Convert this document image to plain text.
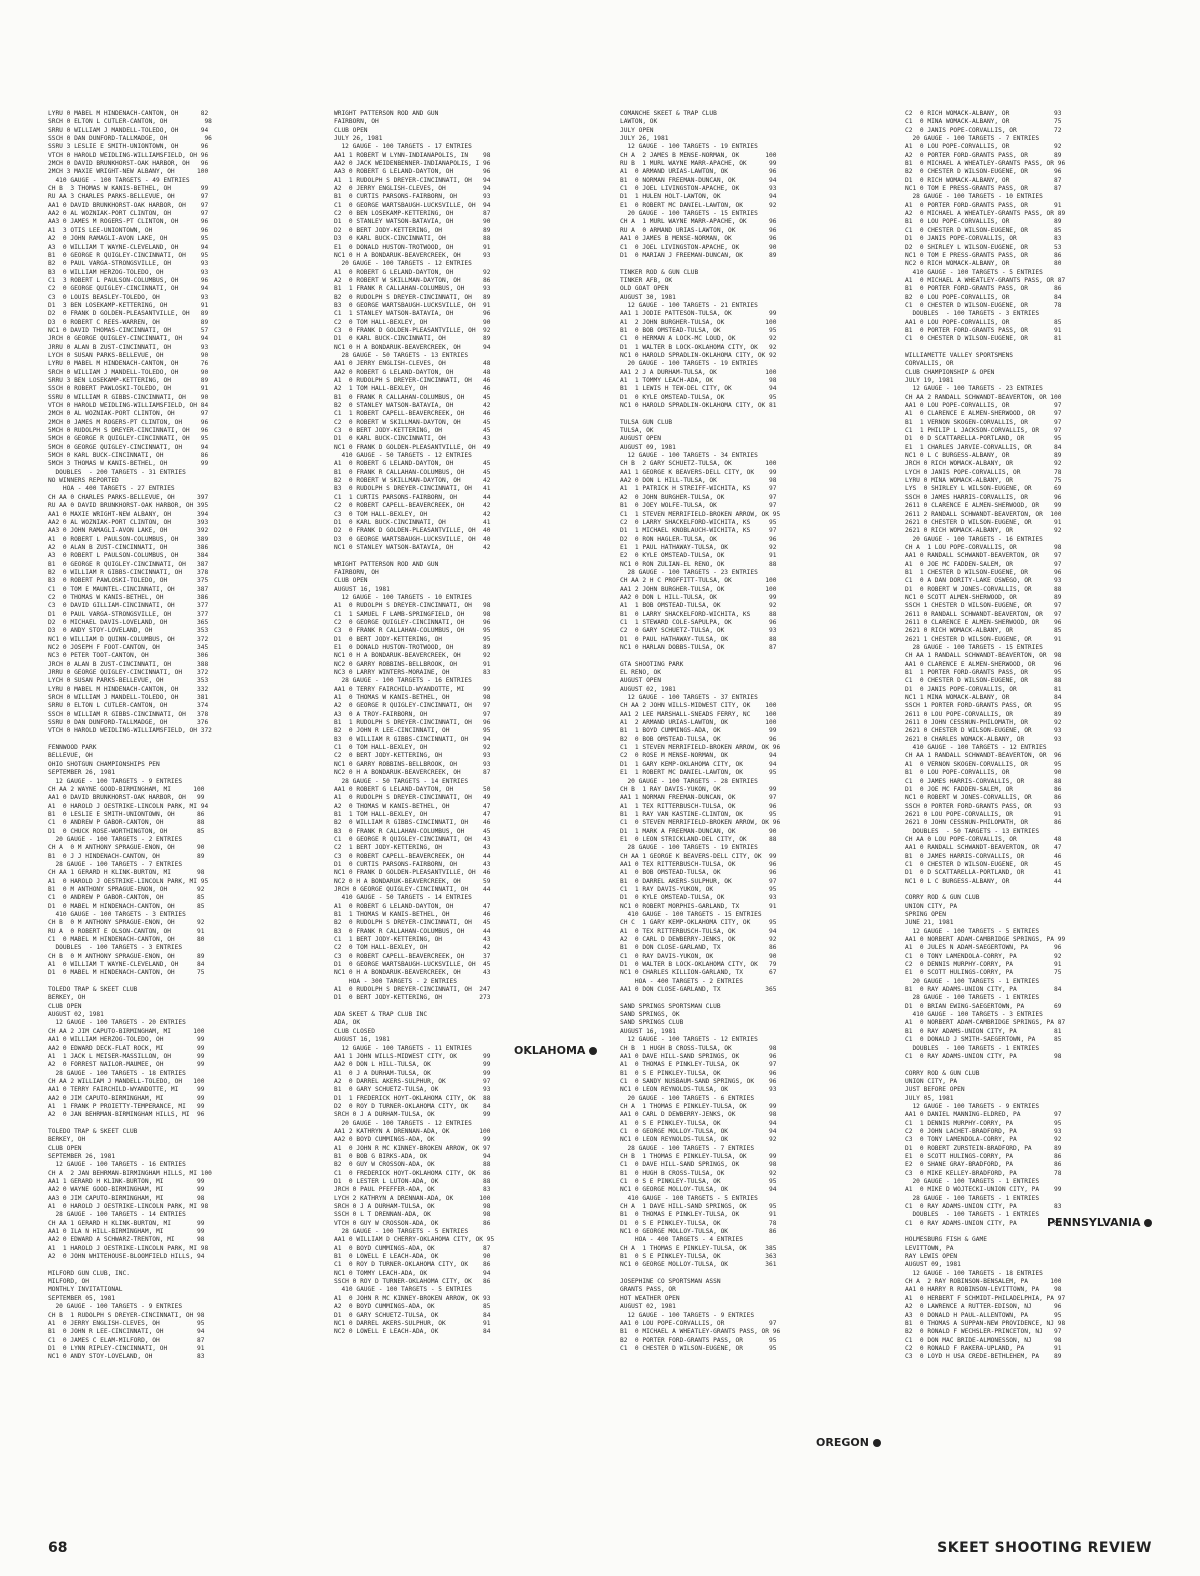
LYRU 0 MABEL M HINDENACH-CANTON, OH      82
SRCH 0 ELTON L CUTLER-CANTON, OH          98
SRRU 0 WILLIAM J MANDELL-TOLEDO, OH      94
SSCH 0 DAN DUNFORD-TALLMADGE, OH          96
SSRU 3 LESLIE E SMITH-UNIONTOWN, OH      96
VTCH 0 HAROLD WEIDLING-WILLIAMSFIELD, OH 96
2MCH 0 DAVID BRUNKHORST-OAK HARBOR, OH   96
2MCH 3 MAXIE WRIGHT-NEW ALBANY, OH      100
410 GAUGE - 100 TARGETS - 49 ENTRIES
CH B  3 THOMAS W KANIS-BETHEL, OH        99
RU AA 3 CHARLES PARKS-BELLEVUE, OH       97
AA1 0 DAVID BRUNKHORST-OAK HARBOR, OH    97
AA2 0 AL WOZNIAK-PORT CLINTON, OH        97
AA3 0 JAMES M ROGERS-PT CLINTON, OH      96
A1  3 OTIS LEE-UNIONTOWN, OH             96
A2  0 JOHN RAMAGLI-AVON LAKE, OH         95
A3  0 WILLIAM T WAYNE-CLEVELAND, OH      94
B1  0 GEORGE R QUIGLEY-CINCINNATI, OH    95
B2  0 PAUL VARGA-STRONGSVILLE, OH        93
B3  0 WILLIAM HERZOG-TOLEDO, OH          93
C1  3 ROBERT L PAULSON-COLUMBUS, OH      96
C2  0 GEORGE QUIGLEY-CINCINNATI, OH      94
C3  0 LOUIS BEASLEY-TOLEDO, OH           93
D1  3 BEN LOSEKAMP-KETTERING, OH         91
D2  0 FRANK D GOLDEN-PLEASANTVILLE, OH   89
D3  0 ROBERT C REES-WARREN, OH           89
NC1 0 DAVID THOMAS-CINCINNATI, OH        57
JRCH 0 GEORGE QUIGLEY-CINCINNATI, OH     94
JRRU 0 ALAN B ZUST-CINCINNATI, OH        93
LYCH 0 SUSAN PARKS-BELLEVUE, OH          90
LYRU 0 MABEL M HINDENACH-CANTON, OH      76
SRCH 0 WILLIAM J MANDELL-TOLEDO, OH      90
SRRU 3 BEN LOSEKAMP-KETTERING, OH        89
SSCH 0 ROBERT PAWLOSKI-TOLEDO, OH        91
SSRU 0 WILLIAM R GIBBS-CINCINNATI, OH    90
VTCH 0 HAROLD WEIDLING-WILLIAMSFIELD, OH 84
2MCH 0 AL WOZNIAK-PORT CLINTON, OH       97
2MCH 0 JAMES M ROGERS-PT CLINTON, OH     96
5MCH 0 RUDOLPH S DREYER-CINCINNATI, OH   96
5MCH 0 GEORGE R QUIGLEY-CINCINNATI, OH   95
5MCH 0 GEORGE QUIGLEY-CINCINNATI, OH     94
5MCH 0 KARL BUCK-CINCINNATI, OH          86
5MCH 3 THOMAS W KANIS-BETHEL, OH         99
DOUBLES  - 200 TARGETS - 31 ENTRIES
NO WINNERS REPORTED
HOA - 400 TARGETS - 27 ENTRIES
CH AA 0 CHARLES PARKS-BELLEVUE, OH      397
RU AA 0 DAVID BRUNKHORST-OAK HARBOR, OH 395
AA1 0 MAXIE WRIGHT-NEW ALBANY, OH       394
AA2 0 AL WOZNIAK-PORT CLINTON, OH       393
AA3 0 JOHN RAMAGLI-AVON LAKE, OH        392
A1  0 ROBERT L PAULSON-COLUMBUS, OH     389
A2  0 ALAN B ZUST-CINCINNATI, OH        386
A3  0 ROBERT L PAULSON-COLUMBUS, OH     384
B1  0 GEORGE R QUIGLEY-CINCINNATI, OH   387
B2  0 WILLIAM R GIBBS-CINCINNATI, OH    378
B3  0 ROBERT PAWLOSKI-TOLEDO, OH        375
C1  0 TOM E MAUNTEL-CINCINNATI, OH      387
C2  0 THOMAS W KANIS-BETHEL, OH         386
C3  0 DAVID GILLIAM-CINCINNATI, OH      377
D1  0 PAUL VARGA-STRONGSVILLE, OH       377
D2  0 MICHAEL DAVIS-LOVELAND, OH        365
D3  0 ANDY STOY-LOVELAND, OH            353
NC1 0 WILLIAM D QUINN-COLUMBUS, OH      372
NC2 0 JOSEPH F FOOT-CANTON, OH          345
NC3 0 PETER TOOT-CANTON, OH             306
JRCH 0 ALAN B ZUST-CINCINNATI, OH       388
JRRU 0 GEORGE QUIGLEY-CINCINNATI, OH    372
LYCH 0 SUSAN PARKS-BELLEVUE, OH         353
LYRU 0 MABEL M HINDENACH-CANTON, OH     332
SRCH 0 WILLIAM J MANDELL-TOLEDO, OH     381
SRRU 0 ELTON L CUTLER-CANTON, OH        374
SSCH 0 WILLIAM R GIBBS-CINCINNATI, OH   378
SSRU 0 DAN DUNFORD-TALLMADGE, OH        376
VTCH 0 HAROLD WEIDLING-WILLIAMSFIELD, OH 372
FENNWOOD PARK
BELLEVUE, OH
OHIO SHOTGUN CHAMPIONSHIPS PEN
SEPTEMBER 26, 1981
12 GAUGE - 100 TARGETS - 9 ENTRIES
CH AA 2 WAYNE GOOD-BIRMINGHAM, MI      100
AA1 0 DAVID BRUNKHORST-OAK HARBOR, OH   99
A1  0 HAROLD J OESTRIKE-LINCOLN PARK, MI 94
B1  0 LESLIE E SMITH-UNIONTOWN, OH      86
C1  0 ANDREW P GABOR-CANTON, OH         88
D1  0 CHUCK ROSE-WORTHINGTON, OH        85
20 GAUGE - 100 TARGETS - 2 ENTRIES
CH A  0 M ANTHONY SPRAGUE-ENON, OH      90
B1  0 J J HINDENACH-CANTON, OH          89
28 GAUGE - 100 TARGETS - 7 ENTRIES
CH AA 1 GERARD H KLINK-BURTON, MI       98
A1  0 HAROLD J OESTRIKE-LINCOLN PARK, MI 95
B1  0 M ANTHONY SPRAGUE-ENON, OH        92
C1  0 ANDREW P GABOR-CANTON, OH         85
D1  0 MABEL M HINDENACH-CANTON, OH      85
410 GAUGE - 100 TARGETS - 3 ENTRIES
CH B  0 M ANTHONY SPRAGUE-ENON, OH      92
RU A  0 ROBERT E OLSON-CANTON, OH       91
C1  0 MABEL M HINDENACH-CANTON, OH      80
DOUBLES  - 100 TARGETS - 3 ENTRIES
CH B  0 M ANTHONY SPRAGUE-ENON, OH      89
A1  0 WILLIAM T WAYNE-CLEVELAND, OH     84
D1  0 MABEL M HINDENACH-CANTON, OH      75
TOLEDO TRAP & SKEET CLUB
BERKEY, OH
CLUB OPEN
AUGUST 02, 1981
12 GAUGE - 100 TARGETS - 20 ENTRIES
CH AA 2 JIM CAPUTO-BIRMINGHAM, MI      100
AA1 0 WILLIAM HERZOG-TOLEDO, OH         99
AA2 0 EDWARD DECK-FLAT ROCK, MI         99
A1  1 JACK L MEISER-MASSILLON, OH       99
A2  0 FORREST NAILOR-MAUMEE, OH         99
28 GAUGE - 100 TARGETS - 18 ENTRIES
CH AA 2 WILLIAM J MANDELL-TOLEDO, OH   100
AA1 0 TERRY FAIRCHILD-WYANDOTTE, MI     99
AA2 0 JIM CAPUTO-BIRMINGHAM, MI         99
A1  1 FRANK P PROIETTY-TEMPERANCE, MI   99
A2  0 JAN BEHRMAN-BIRMINGHAM HILLS, MI  96
TOLEDO TRAP & SKEET CLUB
BERKEY, OH
CLUB OPEN
SEPTEMBER 26, 1981
12 GAUGE - 100 TARGETS - 16 ENTRIES
CH A  2 JAN BEHRMAN-BIRMINGHAM HILLS, MI 100
AA1 1 GERARD H KLINK-BURTON, MI         99
AA2 0 WAYNE GOOD-BIRMINGHAM, MI         99
AA3 0 JIM CAPUTO-BIRMINGHAM, MI         98
A1  0 HAROLD J OESTRIKE-LINCOLN PARK, MI 98
28 GAUGE - 100 TARGETS - 14 ENTRIES
CH AA 1 GERARD H KLINK-BURTON, MI       99
AA1 0 ILA N HILL-BIRMINGHAM, MI         99
AA2 0 EDWARD A SCHWARZ-TRENTON, MI      98
A1  1 HAROLD J OESTRIKE-LINCOLN PARK, MI 98
A2  0 JOHN WHITEHOUSE-BLOOMFIELD HILLS, 94
MILFORD GUN CLUB, INC.
MILFORD, OH
MONTHLY INVITATIONAL
SEPTEMBER 05, 1981
20 GAUGE - 100 TARGETS - 9 ENTRIES
CH B  1 RUDOLPH S DREYER-CINCINNATI, OH 98
A1  0 JERRY ENGLISH-CLEVES, OH          95
B1  0 JOHN R LEE-CINCINNATI, OH         94
C1  0 JAMES C ELAM-MILFORD, OH          87
D1  0 LYNN RIPLEY-CINCINNATI, OH        91
NC1 0 ANDY STOY-LOVELAND, OH            83
WRIGHT PATTERSON ROD AND GUN
FAIRBORN, OH
CLUB OPEN
JULY 26, 1981
12 GAUGE - 100 TARGETS - 17 ENTRIES
AA1 1 ROBERT W LYNN-INDIANAPOLIS, IN    98
AA2 0 JACK WEIDENBENNER-INDIANAPOLIS, I 96
AA3 0 ROBERT G LELAND-DAYTON, OH        96
A1  1 RUDOLPH S DREYER-CINCINNATI, OH   94
A2  0 JERRY ENGLISH-CLEVES, OH          94
B1  0 CURTIS PARSONS-FAIRBORN, OH       93
C1  0 GEORGE WARTSBAUGH-LUCKSVILLE, OH  94
C2  0 BEN LOSEKAMP-KETTERING, OH        87
D1  0 STANLEY WATSON-BATAVIA, OH        90
D2  0 BERT JODY-KETTERING, OH           89
D3  0 KARL BUCK-CINCINNATI, OH          88
E1  0 DONALD HUSTON-TROTWOOD, OH        91
NC1 0 H A BONDARUK-BEAVERCREEK, OH      93
20 GAUGE - 100 TARGETS - 12 ENTRIES
A1  0 ROBERT G LELAND-DAYTON, OH        92
A2  0 ROBERT W SKILLMAN-DAYTON, OH      86
B1  1 FRANK R CALLAHAN-COLUMBUS, OH     93
B2  0 RUDOLPH S DREYER-CINCINNATI, OH   89
B3  0 GEORGE WARTSBAUGH-LUCKSVILLE, OH  91
C1  1 STANLEY WATSON-BATAVIA, OH        96
C2  0 TOM HALL-BEXLEY, OH               90
C3  0 FRANK D GOLDEN-PLEASANTVILLE, OH  92
D1  0 KARL BUCK-CINCINNATI, OH          89
NC1 0 H A BONDARUK-BEAVERCREEK, OH      94
28 GAUGE - 50 TARGETS - 13 ENTRIES
AA1 0 JERRY ENGLISH-CLEVES, OH          48
AA2 0 ROBERT G LELAND-DAYTON, OH        48
A1  0 RUDOLPH S DREYER-CINCINNATI, OH   46
A2  1 TOM HALL-BEXLEY, OH               46
B1  0 FRANK R CALLAHAN-COLUMBUS, OH     45
B2  0 STANLEY WATSON-BATAVIA, OH        42
C1  1 ROBERT CAPELL-BEAVERCREEK, OH     46
C2  0 ROBERT W SKILLMAN-DAYTON, OH      45
C3  0 BERT JODY-KETTERING, OH           45
D1  0 KARL BUCK-CINCINNATI, OH          43
NC1 0 FRANK D GOLDEN-PLEASANTVILLE, OH  49
410 GAUGE - 50 TARGETS - 12 ENTRIES
A1  0 ROBERT G LELAND-DAYTON, OH        45
B1  0 FRANK R CALLAHAN-COLUMBUS, OH     45
B2  0 ROBERT W SKILLMAN-DAYTON, OH      42
B3  0 RUDOLPH S DREYER-CINCINNATI, OH   41
C1  1 CURTIS PARSONS-FAIRBORN, OH       44
C2  0 ROBERT CAPELL-BEAVERCREEK, OH     42
C3  0 TOM HALL-BEXLEY, OH               42
D1  0 KARL BUCK-CINCINNATI, OH          41
D2  0 FRANK D GOLDEN-PLEASANTVILLE, OH  40
D3  0 GEORGE WARTSBAUGH-LUCKSVILLE, OH  40
NC1 0 STANLEY WATSON-BATAVIA, OH        42
WRIGHT PATTERSON ROD AND GUN
FAIRBORN, OH
CLUB OPEN
AUGUST 16, 1981
12 GAUGE - 100 TARGETS - 10 ENTRIES
A1  0 RUDOLPH S DREYER-CINCINNATI, OH   98
C1  1 SAMUEL F LAMB-SPRINGFIELD, OH     98
C2  0 GEORGE QUIGLEY-CINCINNATI, OH     96
C3  0 FRANK R CALLAHAN-COLUMBUS, OH     95
D1  0 BERT JODY-KETTERING, OH           95
E1  0 DONALD HUSTON-TROTWOOD, OH        89
NC1 0 H A BONDARUK-BEAVERCREEK, OH      92
NC2 0 GARRY ROBBINS-BELLBROOK, OH       91
NC3 0 LARRY WINTERS-MORAINE, OH         83
28 GAUGE - 100 TARGETS - 16 ENTRIES
AA1 0 TERRY FAIRCHILD-WYANDOTTE, MI     99
A1  0 THOMAS W KANIS-BETHEL, OH         98
A2  0 GEORGE R QUIGLEY-CINCINNATI, OH   97
A3  0 A TROY-FAIRBORN, OH               97
B1  1 RUDOLPH S DREYER-CINCINNATI, OH   96
B2  0 JOHN R LEE-CINCINNATI, OH         95
B3  0 WILLIAM R GIBBS-CINCINNATI, OH    94
C1  0 TOM HALL-BEXLEY, OH               92
C2  0 BERT JODY-KETTERING, OH           93
NC1 0 GARRY ROBBINS-BELLBROOK, OH       93
NC2 0 H A BONDARUK-BEAVERCREEK, OH      87
28 GAUGE - 50 TARGETS - 14 ENTRIES
AA1 0 ROBERT G LELAND-DAYTON, OH        50
A1  0 RUDOLPH S DREYER-CINCINNATI, OH   49
A2  0 THOMAS W KANIS-BETHEL, OH         47
B1  1 TOM HALL-BEXLEY, OH               47
B2  0 WILLIAM R GIBBS-CINCINNATI, OH    46
B3  0 FRANK R CALLAHAN-COLUMBUS, OH     45
C1  0 GEORGE R QUIGLEY-CINCINNATI, OH   43
C2  1 BERT JODY-KETTERING, OH           43
C3  0 ROBERT CAPELL-BEAVERCREEK, OH     44
D1  0 CURTIS PARSONS-FAIRBORN, OH       43
NC1 0 FRANK D GOLDEN-PLEASANTVILLE, OH  46
NC2 0 H A BONDARUK-BEAVERCREEK, OH      59
JRCH 0 GEORGE QUIGLEY-CINCINNATI, OH    44
410 GAUGE - 50 TARGETS - 14 ENTRIES
A1  0 ROBERT G LELAND-DAYTON, OH        47
B1  1 THOMAS W KANIS-BETHEL, OH         46
B2  0 RUDOLPH S DREYER-CINCINNATI, OH   45
B3  0 FRANK R CALLAHAN-COLUMBUS, OH     44
C1  1 BERT JODY-KETTERING, OH           43
C2  0 TOM HALL-BEXLEY, OH               42
C3  0 ROBERT CAPELL-BEAVERCREEK, OH     37
D1  0 GEORGE WARTSBAUGH-LUCKSVILLE, OH  45
NC1 0 H A BONDARUK-BEAVERCREEK, OH      43
HOA - 300 TARGETS - 2 ENTRIES
A1  0 RUDOLPH S DREYER-CINCINNATI, OH  247
D1  0 BERT JODY-KETTERING, OH          273
ADA SKEET & TRAP CLUB INC
ADA, OK
CLUB CLOSED
AUGUST 16, 1981
12 GAUGE - 100 TARGETS - 11 ENTRIES
AA1 1 JOHN WILLS-MIDWEST CITY, OK       99
AA2 0 DON L HILL-TULSA, OK              99
A1  0 J A DURHAM-TULSA, OK              99
A2  0 DARREL AKERS-SULPHUR, OK          97
B1  0 GARY SCHUETZ-TULSA, OK            93
D1  1 FREDERICK HOYT-OKLAHOMA CITY, OK  88
D2  0 ROY D TURNER-OKLAHOMA CITY, OK    84
SRCH 0 J A DURHAM-TULSA, OK             99
20 GAUGE - 100 TARGETS - 12 ENTRIES
AA1 2 KATHRYN A DRENNAN-ADA, OK        100
AA2 0 BOYD CUMMINGS-ADA, OK             99
A1  0 JOHN R MC KINNEY-BROKEN ARROW, OK 97
B1  0 BOB G BIRKS-ADA, OK               94
B2  0 GUY W CROSSON-ADA, OK             88
C1  0 FREDERICK HOYT-OKLAHOMA CITY, OK  86
D1  0 LESTER L LUTON-ADA, OK            88
JRCH 0 PAUL PFEFFER-ADA, OK             83
LYCH 2 KATHRYN A DRENNAN-ADA, OK       100
SRCH 0 J A DURHAM-TULSA, OK             98
SSCH 0 L T DRENNAN-ADA, OK              98
VTCH 0 GUY W CROSSON-ADA, OK            86
28 GAUGE - 100 TARGETS - 5 ENTRIES
AA1 0 WILLIAM D CHERRY-OKLAHOMA CITY, OK 95
A1  0 BOYD CUMMINGS-ADA, OK             87
B1  0 LOWELL E LEACH-ADA, OK            90
C1  0 ROY D TURNER-OKLAHOMA CITY, OK    86
NC1 0 TOMMY LEACH-ADA, OK               94
SSCH 0 ROY D TURNER-OKLAHOMA CITY, OK   86
410 GAUGE - 100 TARGETS - 5 ENTRIES
A1  0 JOHN R MC KINNEY-BROKEN ARROW, OK 93
A2  0 BOYD CUMMINGS-ADA, OK             85
D1  0 GARY SCHUETZ-TULSA, OK            84
NC1 0 DARREL AKERS-SULPHUR, OK          91
NC2 0 LOWELL E LEACH-ADA, OK            84
COMANCHE SKEET & TRAP CLUB
LAWTON, OK
JULY OPEN
JULY 26, 1981
12 GAUGE - 100 TARGETS - 19 ENTRIES
CH A  2 JAMES B MENSE-NORMAN, OK       100
RU B  1 MURL WAYNE MARR-APACHE, OK      99
A1  0 ARMAND URIAS-LAWTON, OK           96
B1  0 NORMAN FREEMAN-DUNCAN, OK         94
C1  0 JOEL LIVINGSTON-APACHE, OK        93
D1  1 HULEN HOLT-LAWTON, OK             94
E1  0 ROBERT MC DANIEL-LAWTON, OK       92
20 GAUGE - 100 TARGETS - 15 ENTRIES
CH A  1 MURL WAYNE MARR-APACHE, OK      96
RU A  0 ARMAND URIAS-LAWTON, OK         96
AA1 0 JAMES B MENSE-NORMAN, OK          96
C1  0 JOEL LIVINGSTON-APACHE, OK        90
D1  0 MARIAN J FREEMAN-DUNCAN, OK       89
TINKER ROD & GUN CLUB
TINKER AFB, OK
OLD GOAT OPEN
AUGUST 30, 1981
12 GAUGE - 100 TARGETS - 21 ENTRIES
AA1 1 JODIE PATTESON-TULSA, OK          99
A1  2 JOHN BURGHER-TULSA, OK           100
B1  0 BOB OMSTEAD-TULSA, OK             95
C1  0 HERMAN A LOCK-MC LOUD, OK         92
D1  1 WALTER B LOCK-OKLAHOMA CITY, OK   92
NC1 0 HAROLD SPRADLIN-OKLAHOMA CITY, OK 92
20 GAUGE - 100 TARGETS - 19 ENTRIES
AA1 2 J A DURHAM-TULSA, OK             100
A1  1 TOMMY LEACH-ADA, OK               98
B1  1 LEWIS H TEW-DEL CITY, OK          94
D1  0 KYLE OMSTEAD-TULSA, OK            95
NC1 0 HAROLD SPRADLIN-OKLAHOMA CITY, OK 81
TULSA GUN CLUB
TULSA, OK
AUGUST OPEN
AUGUST 09, 1981
12 GAUGE - 100 TARGETS - 34 ENTRIES
CH B  2 GARY SCHUETZ-TULSA, OK         100
AA1 1 GEORGE K BEAVERS-DELL CITY, OK    99
AA2 0 DON L HILL-TULSA, OK              98
A1  1 PATRICK H STREIFF-WICHITA, KS     97
A2  0 JOHN BURGHER-TULSA, OK            97
B1  0 JOEY WOLFE-TULSA, OK              97
C1  1 STEVEN MERRIFIELD-BROKEN ARROW, OK 95
C2  0 LARRY SHACKELFORD-WICHITA, KS     95
D1  1 MICHAEL KNOBLAUCH-WICHITA, KS     97
D2  0 RON HAGLER-TULSA, OK              96
E1  1 PAUL HATHAWAY-TULSA, OK           92
E2  0 KYLE OMSTEAD-TULSA, OK            91
NC1 0 RON ZULIAN-EL RENO, OK            88
28 GAUGE - 100 TARGETS - 23 ENTRIES
CH AA 2 H C PROFFITT-TULSA, OK         100
AA1 2 JOHN BURGHER-TULSA, OK           100
AA2 0 DON L HILL-TULSA, OK              99
A1  1 BOB OMSTEAD-TULSA, OK             92
B1  0 LARRY SHACKELFORD-WICHITA, KS     88
C1  1 STEWARD COLE-SAPULPA, OK          96
C2  0 GARY SCHUETZ-TULSA, OK            93
D1  0 PAUL HATHAWAY-TULSA, OK           88
NC1 0 HARLAN DOBBS-TULSA, OK            87
GTA SHOOTING PARK
EL RENO, OK
AUGUST OPEN
AUGUST 02, 1981
12 GAUGE - 100 TARGETS - 37 ENTRIES
CH AA 2 JOHN WILLS-MIDWEST CITY, OK    100
AA1 2 LEE MARSHALL-SNEADS FERRY, NC    100
A1  2 ARMAND URIAS-LAWTON, OK          100
B1  1 BOYD CUMMINGS-ADA, OK             99
B2  0 BOB OMSTEAD-TULSA, OK             96
C1  1 STEVEN MERRIFIELD-BROKEN ARROW, OK 96
C2  0 ROSE M MENSE-NORMAN, OK           94
D1  1 GARY KEMP-OKLAHOMA CITY, OK       94
E1  1 ROBERT MC DANIEL-LAWTON, OK       95
20 GAUGE - 100 TARGETS - 28 ENTRIES
CH B  1 RAY DAVIS-YUKON, OK             99
AA1 1 NORMAN FREEMAN-DUNCAN, OK         97
A1  1 TEX RITTERBUSCH-TULSA, OK         96
B1  1 RAY VAN KASTINE-CLINTON, OK       95
C1  0 STEVEN MERRIFIELD-BROKEN ARROW, OK 96
D1  1 MARK A FREEMAN-DUNCAN, OK         90
E1  0 LEON STRICKLAND-DEL CITY, OK      88
28 GAUGE - 100 TARGETS - 19 ENTRIES
CH AA 1 GEORGE K BEAVERS-DELL CITY, OK  99
AA1 0 TEX RITTERBUSCH-TULSA, OK         96
A1  0 BOB OMSTEAD-TULSA, OK             96
B1  0 DARREL AKERS-SULPHUR, OK          97
C1  1 RAY DAVIS-YUKON, OK               95
D1  0 KYLE OMSTEAD-TULSA, OK            93
NC1 0 ROBERT MORPHIS-GARLAND, TX        91
410 GAUGE - 100 TARGETS - 15 ENTRIES
CH C  1 GARY KEMP-OKLAHOMA CITY, OK     95
A1  0 TEX RITTERBUSCH-TULSA, OK         94
A2  0 CARL D DEWBERRY-JENKS, OK         92
B1  0 DON CLOSE-GARLAND, TX             86
C1  0 RAY DAVIS-YUKON, OK               90
D1  0 WALTER B LOCK-OKLAHOMA CITY, OK   79
NC1 0 CHARLES KILLION-GARLAND, TX       67
HOA - 400 TARGETS - 2 ENTRIES
AA1 0 DON CLOSE-GARLAND, TX            365
SAND SPRINGS SPORTSMAN CLUB
SAND SPRINGS, OK
SAND SPRINGS CLUB
AUGUST 16, 1981
12 GAUGE - 100 TARGETS - 12 ENTRIES
CH B  1 HUGH B CROSS-TULSA, OK          98
AA1 0 DAVE HILL-SAND SPRINGS, OK        96
A1  0 THOMAS E PINKLEY-TULSA, OK        97
B1  0 S E PINKLEY-TULSA, OK             96
C1  0 SANDY NUSBAUM-SAND SPRINGS, OK    96
NC1 0 LEON REYNOLDS-TULSA, OK           93
20 GAUGE - 100 TARGETS - 6 ENTRIES
CH A  1 THOMAS E PINKLEY-TULSA, OK      99
AA1 0 CARL D DEWBERRY-JENKS, OK         98
A1  0 S E PINKLEY-TULSA, OK             94
C1  0 GEORGE MOLLOY-TULSA, OK           94
NC1 0 LEON REYNOLDS-TULSA, OK           92
28 GAUGE - 100 TARGETS - 7 ENTRIES
CH B  1 THOMAS E PINKLEY-TULSA, OK      99
C1  0 DAVE HILL-SAND SPRINGS, OK        98
B1  0 HUGH B CROSS-TULSA, OK            92
C1  0 S E PINKLEY-TULSA, OK             95
NC1 0 GEORGE MOLLOY-TULSA, OK           94
410 GAUGE - 100 TARGETS - 5 ENTRIES
CH A  1 DAVE HILL-SAND SPRINGS, OK      95
B1  0 THOMAS E PINKLEY-TULSA, OK        91
D1  0 S E PINKLEY-TULSA, OK             78
NC1 0 GEORGE MOLLOY-TULSA, OK           86
HOA - 400 TARGETS - 4 ENTRIES
CH A  1 THOMAS E PINKLEY-TULSA, OK     385
B1  0 S E PINKLEY-TULSA, OK            363
NC1 0 GEORGE MOLLOY-TULSA, OK          361
JOSEPHINE CO SPORTSMAN ASSN
GRANTS PASS, OR
HOT WEATHER OPEN
AUGUST 02, 1981
12 GAUGE - 100 TARGETS - 9 ENTRIES
AA1 0 LOU POPE-CORVALLIS, OR            97
B1  0 MICHAEL A WHEATLEY-GRANTS PASS, OR 96
B2  0 PORTER FORD-GRANTS PASS, OR       95
C1  0 CHESTER D WILSON-EUGENE, OR       95
C2  0 RICH WOMACK-ALBANY, OR            93
C1  0 MINA WOMACK-ALBANY, OR            75
C2  0 JANIS POPE-CORVALLIS, OR          72
20 GAUGE - 100 TARGETS - 7 ENTRIES
A1  0 LOU POPE-CORVALLIS, OR            92
A2  0 PORTER FORD-GRANTS PASS, OR       89
B1  0 MICHAEL A WHEATLEY-GRANTS PASS, OR 96
B2  0 CHESTER D WILSON-EUGENE, OR       96
D1  0 RICH WOMACK-ALBANY, OR            87
NC1 0 TOM E PRESS-GRANTS PASS, OR       87
28 GAUGE - 100 TARGETS - 10 ENTRIES
A1  0 PORTER FORD-GRANTS PASS, OR       91
A2  0 MICHAEL A WHEATLEY-GRANTS PASS, OR 89
B1  0 LOU POPE-CORVALLIS, OR            89
C1  0 CHESTER D WILSON-EUGENE, OR       85
D1  0 JANIS POPE-CORVALLIS, OR          83
D2  0 SHIRLEY L WILSON-EUGENE, OR       53
NC1 0 TOM E PRESS-GRANTS PASS, OR       86
NC2 0 RICH WOMACK-ALBANY, OR            80
410 GAUGE - 100 TARGETS - 5 ENTRIES
A1  0 MICHAEL A WHEATLEY-GRANTS PASS, OR 87
B1  0 PORTER FORD-GRANTS PASS, OR       86
B2  0 LOU POPE-CORVALLIS, OR            84
C1  0 CHESTER D WILSON-EUGENE, OR       78
DOUBLES  - 100 TARGETS - 3 ENTRIES
AA1 0 LOU POPE-CORVALLIS, OR            85
B1  0 PORTER FORD-GRANTS PASS, OR       91
C1  0 CHESTER D WILSON-EUGENE, OR       81
WILLIAMETTE VALLEY SPORTSMENS
CORVALLIS, OR
CLUB CHAMPIONSHIP & OPEN
JULY 19, 1981
12 GAUGE - 100 TARGETS - 23 ENTRIES
CH AA 2 RANDALL SCHWANDT-BEAVERTON, OR 100
AA1 0 LOU POPE-CORVALLIS, OR            97
A1  0 CLARENCE E ALMEN-SHERWOOD, OR     97
B1  1 VERNON SKOGEN-CORVALLIS, OR       97
C1  1 PHILIP L JACKSON-CORVALLIS, OR    97
D1  0 D SCATTARELLA-PORTLAND, OR        95
E1  1 CHARLES JARVIE-CORVALLIS, OR      84
NC1 0 L C BURGESS-ALBANY, OR            89
JRCH 0 RICH WOMACK-ALBANY, OR           92
LYCH 0 JANIS POPE-CORVALLIS, OR         78
LYRU 0 MINA WOMACK-ALBANY, OR           75
LYS  0 SHIRLEY L WILSON-EUGENE, OR      69
SSCH 0 JAMES HARRIS-CORVALLIS, OR       96
2611 0 CLARENCE E ALMEN-SHERWOOD, OR    99
2611 2 RANDALL SCHWANDT-BEAVERTON, OR  100
2621 0 CHESTER D WILSON-EUGENE, OR      91
2621 0 RICH WOMACK-ALBANY, OR           92
20 GAUGE - 100 TARGETS - 16 ENTRIES
CH A  1 LOU POPE-CORVALLIS, OR          98
AA1 0 RANDALL SCHWANDT-BEAVERTON, OR    97
A1  0 JOE MC FADDEN-SALEM, OR           97
B1  1 CHESTER D WILSON-EUGENE, OR       96
C1  0 A DAN DORITY-LAKE OSWEGO, OR      93
D1  0 ROBERT W JONES-CORVALLIS, OR      88
NC1 0 SCOTT ALMEN-SHERWOOD, OR          89
SSCH 1 CHESTER D WILSON-EUGENE, OR      97
2611 0 RANDALL SCHWANDT-BEAVERTON, OR   97
2611 0 CLARENCE E ALMEN-SHERWOOD, OR    96
2621 0 RICH WOMACK-ALBANY, OR           85
2621 1 CHESTER D WILSON-EUGENE, OR      91
28 GAUGE - 100 TARGETS - 15 ENTRIES
CH AA 1 RANDALL SCHWANDT-BEAVERTON, OR  98
AA1 0 CLARENCE E ALMEN-SHERWOOD, OR     96
B1  1 PORTER FORD-GRANTS PASS, OR       95
C1  0 CHESTER D WILSON-EUGENE, OR       88
D1  0 JANIS POPE-CORVALLIS, OR          81
NC1 1 MINA WOMACK-ALBANY, OR            84
SSCH 1 PORTER FORD-GRANTS PASS, OR      95
2611 0 LOU POPE-CORVALLIS, OR           89
2611 0 JOHN CESSNUN-PHILOMATH, OR       92
2621 0 CHESTER D WILSON-EUGENE, OR      93
2621 0 CHARLES WOMACK-ALBANY, OR        93
410 GAUGE - 100 TARGETS - 12 ENTRIES
CH AA 1 RANDALL SCHWANDT-BEAVERTON, OR  96
A1  0 VERNON SKOGEN-CORVALLIS, OR       95
B1  0 LOU POPE-CORVALLIS, OR            90
C1  0 JAMES HARRIS-CORVALLIS, OR        88
D1  0 JOE MC FADDEN-SALEM, OR           86
NC1 0 ROBERT W JONES-CORVALLIS, OR      86
SSCH 0 PORTER FORD-GRANTS PASS, OR      93
2621 0 LOU POPE-CORVALLIS, OR           91
2621 0 JOHN CESSNUN-PHILOMATH, OR       86
DOUBLES  - 50 TARGETS - 13 ENTRIES
CH AA 0 LOU POPE-CORVALLIS, OR          48
AA1 0 RANDALL SCHWANDT-BEAVERTON, OR    47
B1  0 JAMES HARRIS-CORVALLIS, OR        46
C1  0 CHESTER D WILSON-EUGENE, OR       45
D1  0 D SCATTARELLA-PORTLAND, OR        41
NC1 0 L C BURGESS-ALBANY, OR            44
CORRY ROD & GUN CLUB
UNION CITY, PA
SPRING OPEN
JUNE 21, 1981
12 GAUGE - 100 TARGETS - 5 ENTRIES
AA1 0 NORBERT ADAM-CAMBRIDGE SPRINGS, PA 99
A1  0 JULES N ADAM-SAEGERTOWN, PA       96
C1  0 TONY LAMENDOLA-CORRY, PA          92
C2  0 DENNIS MURPHY-CORRY, PA           91
E1  0 SCOTT HULINGS-CORRY, PA           75
20 GAUGE - 100 TARGETS - 1 ENTRIES
B1  0 RAY ADAMS-UNION CITY, PA          84
28 GAUGE - 100 TARGETS - 1 ENTRIES
D1  0 BRIAN EWING-SAEGERTOWN, PA        69
410 GAUGE - 100 TARGETS - 3 ENTRIES
A1  0 NORBERT ADAM-CAMBRIDGE SPRINGS, PA 87
B1  0 RAY ADAMS-UNION CITY, PA          81
C1  0 DONALD J SMITH-SAEGERTOWN, PA     85
DOUBLES  - 100 TARGETS - 1 ENTRIES
C1  0 RAY ADAMS-UNION CITY, PA          98
CORRY ROD & GUN CLUB
UNION CITY, PA
JUST BEFORE OPEN
JULY 05, 1981
12 GAUGE - 100 TARGETS - 9 ENTRIES
AA1 0 DANIEL MANNING-ELDRED, PA         97
C1  1 DENNIS MURPHY-CORRY, PA           95
C2  0 JOHN LACHET-BRADFORD, PA          93
C3  0 TONY LAMENDOLA-CORRY, PA          92
D1  0 ROBERT ZURSTEIN-BRADFORD, PA      89
E1  0 SCOTT HULINGS-CORRY, PA           86
E2  0 SHANE GRAY-BRADFORD, PA           86
C3  0 MIKE KELLEY-BRADFORD, PA          78
20 GAUGE - 100 TARGETS - 1 ENTRIES
A1  0 MIKE D WOJTECKI-UNION CITY, PA    99
28 GAUGE - 100 TARGETS - 1 ENTRIES
C1  0 RAY ADAMS-UNION CITY, PA          83
DOUBLES  - 100 TARGETS - 1 ENTRIES
C1  0 RAY ADAMS-UNION CITY, PA          85
HOLMESBURG FISH & GAME
LEVITTOWN, PA
RAY LEWIS OPEN
AUGUST 09, 1981
12 GAUGE - 100 TARGETS - 18 ENTRIES
CH A  2 RAY ROBINSON-BENSALEM, PA      100
AA1 0 HARRY R ROBINSON-LEVITTOWN, PA    98
A1  0 HERBERT F SCHMIDT-PHILADELPHIA, PA 97
A2  0 LAWRENCE A RUTTER-EDISON, NJ      96
A3  0 DONALD H PAUL-ALLENTOWN, PA       95
B1  0 THOMAS A SUPPAN-NEW PROVIDENCE, NJ 98
B2  0 RONALD F WECHSLER-PRINCETON, NJ   97
C1  0 DON MAC BRIDE-ALMONESSON, NJ      98
C2  0 RONALD F RAKERA-UPLAND, PA        91
C3  0 LOYD H USA CREDE-BETHLEHEM, PA    89
OKLAHOMA
OREGON
PENNSYLVANIA
68	SKEET SHOOTING REVIEW
